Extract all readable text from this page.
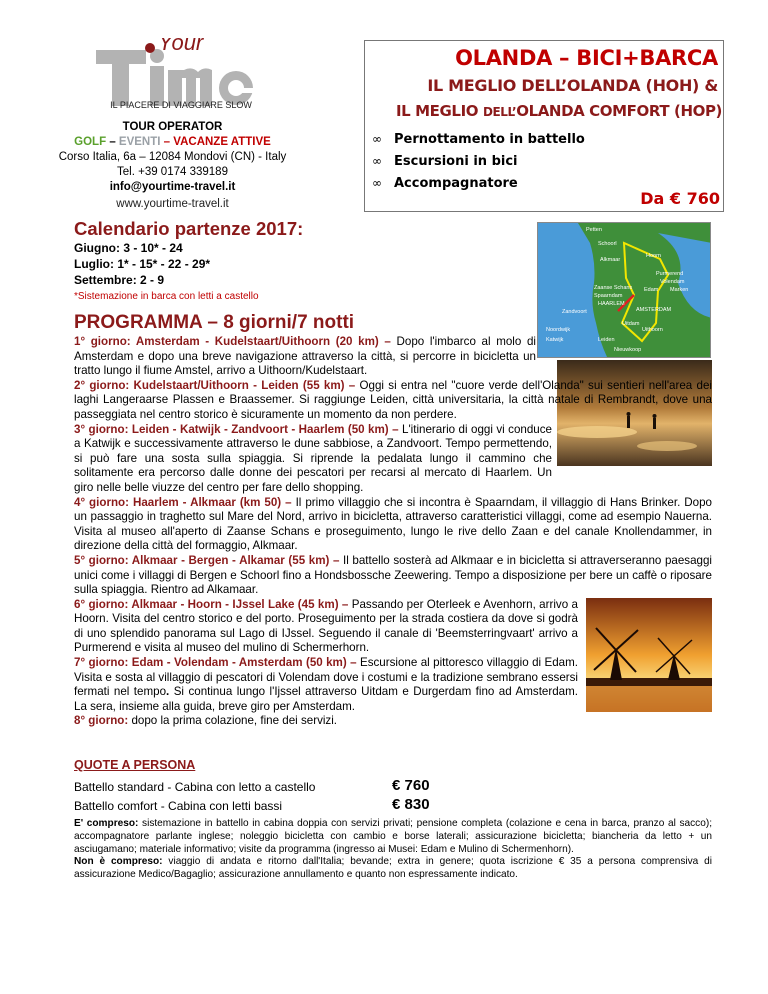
Your
IL PIACERE DI VIAGGIARE SLOW
TOUR OPERATOR
GOLF – EVENTI – VACANZE ATTIVE
Corso Italia, 6a – 12084 Mondovi (CN) - Italy
Tel. +39 0174 339189
info@yourtime-travel.it
www.yourtime-travel.it
OLANDA – BICI+BARCA
IL MEGLIO DELL’OLANDA (HOH) &
IL MEGLIO DELL’OLANDA COMFORT (HOP)
∞ Pernottamento in battello
∞ Escursioni in bici
∞ Accompagnatore
Da € 760
Calendario partenze 2017:
Giugno: 3 - 10* - 24
Luglio: 1* - 15* - 22 - 29*
Settembre: 2 - 9
*Sistemazione in barca con letti a castello
Petten
Schoorl
Hoorn
Alkmaar
Purmerend
Volendam
Edam Marken
Zaanse Schans
Spaarndam
HAARLEM
Zandvoort	AMSTERDAM
Uitdam
Noordwijk
Katwijk	Leiden
Uithoorn
Nieuwkoop
PROGRAMMA – 8 giorni/7 notti

1° giorno: Amsterdam - Kudelstaart/Uithoorn (20 km) – Dopo l'imbarco al molo di Amsterdam e dopo una breve navigazione attraverso la città, si percorre in bicicletta un tratto lungo il fiume Amstel, arrivo a Uithoorn/Kudelstaart.

2° giorno: Kudelstaart/Uithoorn - Leiden (55 km) – Oggi si entra nel "cuore verde dell'Olanda" sui sentieri nell'area dei laghi Langeraarse Plassen e Braassemer. Si raggiunge Leiden, città universitaria, la città natale di Rembrandt, dove una passeggiata nel centro storico è sicuramente un momento da non perdere.

3° giorno: Leiden - Katwijk - Zandvoort - Haarlem (50 km) – L'itinerario di oggi vi conduce a Katwijk e successivamente attraverso le dune sabbiose, a Zandvoort. Tempo permettendo, si può fare una sosta sulla spiaggia. Si riprende la pedalata lungo il cammino che solitamente era percorso dalle donne dei pescatori per recarsi al mercato di Haarlem. Un giro nelle belle viuzze del centro per fare dello shopping.

4° giorno: Haarlem - Alkmaar (km 50) – Il primo villaggio che si incontra è Spaarndam, il villaggio di Hans Brinker. Dopo un passaggio in traghetto sul Mare del Nord, arrivo in bicicletta, attraverso caratteristici villaggi, come ad esempio Nauerna. Visita al museo all'aperto di Zaanse Schans e proseguimento, lungo le rive dello Zaan e del canale Knollendammer, in direzione della città del formaggio, Alkmaar.

5° giorno: Alkmaar - Bergen - Alkamar (55 km) – Il battello sosterà ad Alkmaar e in bicicletta si attraverseranno paesaggi unici come i villaggi di Bergen e Schoorl fino a Hondsbossche Zeewering. Tempo a disposizione per bere un caffè o riposare sulla spiaggia. Rientro ad Alkamaar.

6° giorno: Alkmaar - Hoorn - IJssel Lake (45 km) – Passando per Oterleek e Avenhorn, arrivo a Hoorn. Visita del centro storico e del porto. Proseguimento per la strada costiera da dove si godrà di uno splendido panorama sul Lago di IJssel. Seguendo il canale di 'Beemsterringvaart' arrivo a Purmerend e visita al museo del mulino di Schermerhorn.

7° giorno: Edam - Volendam - Amsterdam (50 km) – Escursione al pittoresco villaggio di Edam. Visita e sosta al villaggio di pescatori di Volendam dove i costumi e la tradizione sembrano essersi fermati nel tempo. Si continua lungo l'Ijssel attraverso Uitdam e Durgerdam fino ad Amsterdam. La sera, insieme alla guida, breve giro per Amsterdam.

8° giorno: dopo la prima colazione, fine dei servizi.

QUOTE A PERSONA
Battello standard - Cabina con letto a castello	€ 760
Battello comfort - Cabina con letti bassi	€ 830

E' compreso: sistemazione in battello in cabina doppia con servizi privati; pensione completa (colazione e cena in barca, pranzo al sacco); accompagnatore parlante inglese; noleggio bicicletta con cambio e borse laterali; assicurazione bicicletta; biancheria da letto + un asciugamano; materiale informativo; visite da programma (ingresso ai Musei: Edam e Mulino di Schermenhorn).

Non è compreso: viaggio di andata e ritorno dall'Italia; bevande; extra in genere; quota iscrizione € 35 a persona comprensiva di assicurazione Medico/Bagaglio; assicurazione annullamento e quanto non espressamente indicato.
